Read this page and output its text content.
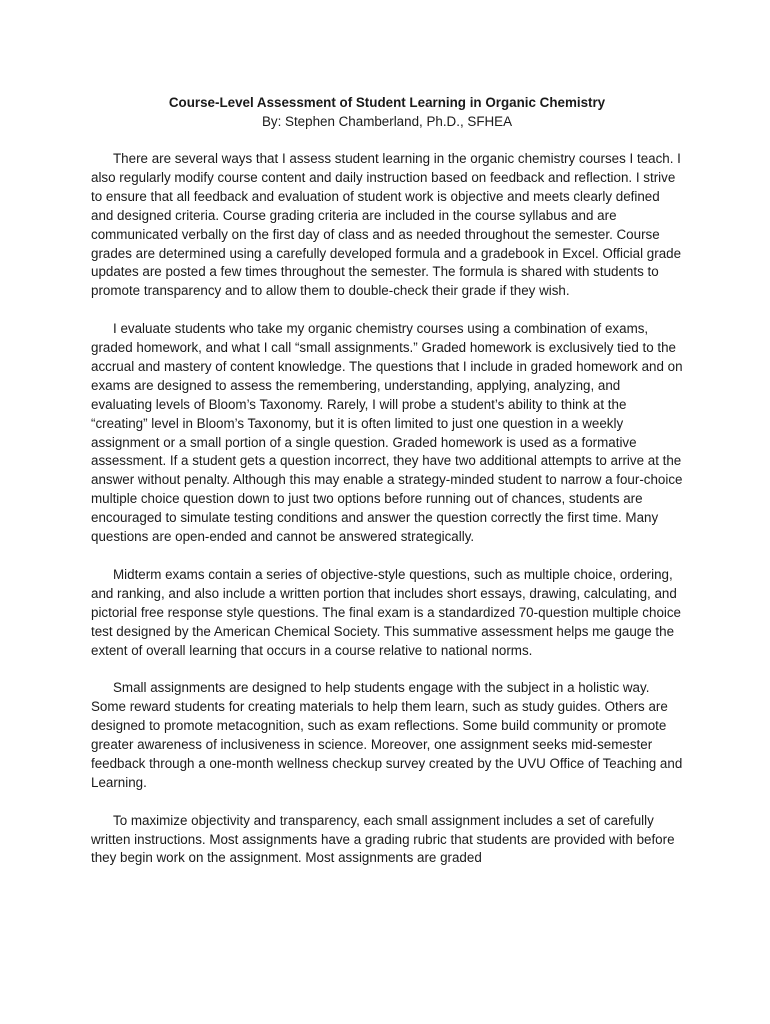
Course-Level Assessment of Student Learning in Organic Chemistry

By: Stephen Chamberland, Ph.D., SFHEA

There are several ways that I assess student learning in the organic chemistry courses I teach. I also regularly modify course content and daily instruction based on feedback and reflection. I strive to ensure that all feedback and evaluation of student work is objective and meets clearly defined and designed criteria. Course grading criteria are included in the course syllabus and are communicated verbally on the first day of class and as needed throughout the semester. Course grades are determined using a carefully developed formula and a gradebook in Excel. Official grade updates are posted a few times throughout the semester. The formula is shared with students to promote transparency and to allow them to double-check their grade if they wish.

I evaluate students who take my organic chemistry courses using a combination of exams, graded homework, and what I call “small assignments.” Graded homework is exclusively tied to the accrual and mastery of content knowledge. The questions that I include in graded homework and on exams are designed to assess the remembering, understanding, applying, analyzing, and evaluating levels of Bloom’s Taxonomy. Rarely, I will probe a student’s ability to think at the “creating” level in Bloom’s Taxonomy, but it is often limited to just one question in a weekly assignment or a small portion of a single question. Graded homework is used as a formative assessment. If a student gets a question incorrect, they have two additional attempts to arrive at the answer without penalty. Although this may enable a strategy-minded student to narrow a four-choice multiple choice question down to just two options before running out of chances, students are encouraged to simulate testing conditions and answer the question correctly the first time. Many questions are open-ended and cannot be answered strategically.

Midterm exams contain a series of objective-style questions, such as multiple choice, ordering, and ranking, and also include a written portion that includes short essays, drawing, calculating, and pictorial free response style questions. The final exam is a standardized 70-question multiple choice test designed by the American Chemical Society. This summative assessment helps me gauge the extent of overall learning that occurs in a course relative to national norms.

Small assignments are designed to help students engage with the subject in a holistic way. Some reward students for creating materials to help them learn, such as study guides. Others are designed to promote metacognition, such as exam reflections. Some build community or promote greater awareness of inclusiveness in science. Moreover, one assignment seeks mid-semester feedback through a one-month wellness checkup survey created by the UVU Office of Teaching and Learning.

To maximize objectivity and transparency, each small assignment includes a set of carefully written instructions. Most assignments have a grading rubric that students are provided with before they begin work on the assignment. Most assignments are graded
